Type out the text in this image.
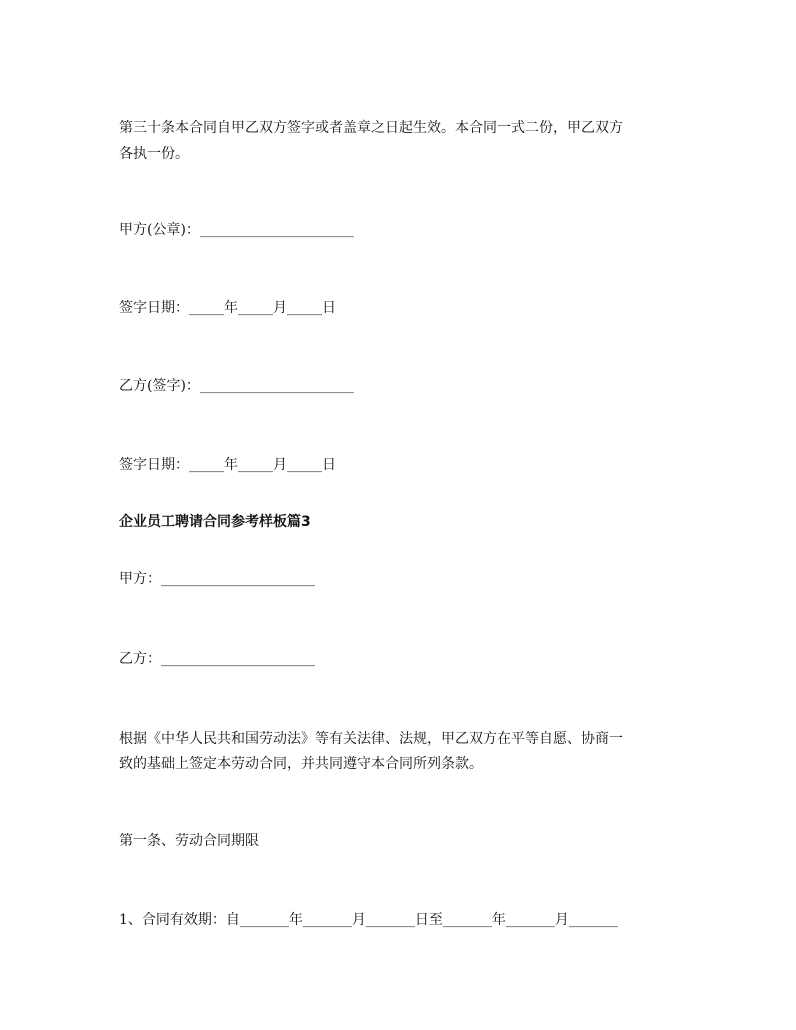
第三十条本合同自甲乙双方签字或者盖章之日起生效。本合同一式二份，甲乙双方

各执一份。

甲方(公章)：______________________

签字日期：_____年_____月_____日

乙方(签字)：______________________

签字日期：_____年_____月_____日

企业员工聘请合同参考样板篇3

甲方：______________________

乙方：______________________

根据《中华人民共和国劳动法》等有关法律、法规，甲乙双方在平等自愿、协商一

致的基础上签定本劳动合同，并共同遵守本合同所列条款。

第一条、劳动合同期限

1、合同有效期：自_______年_______月_______日至_______年_______月_______
